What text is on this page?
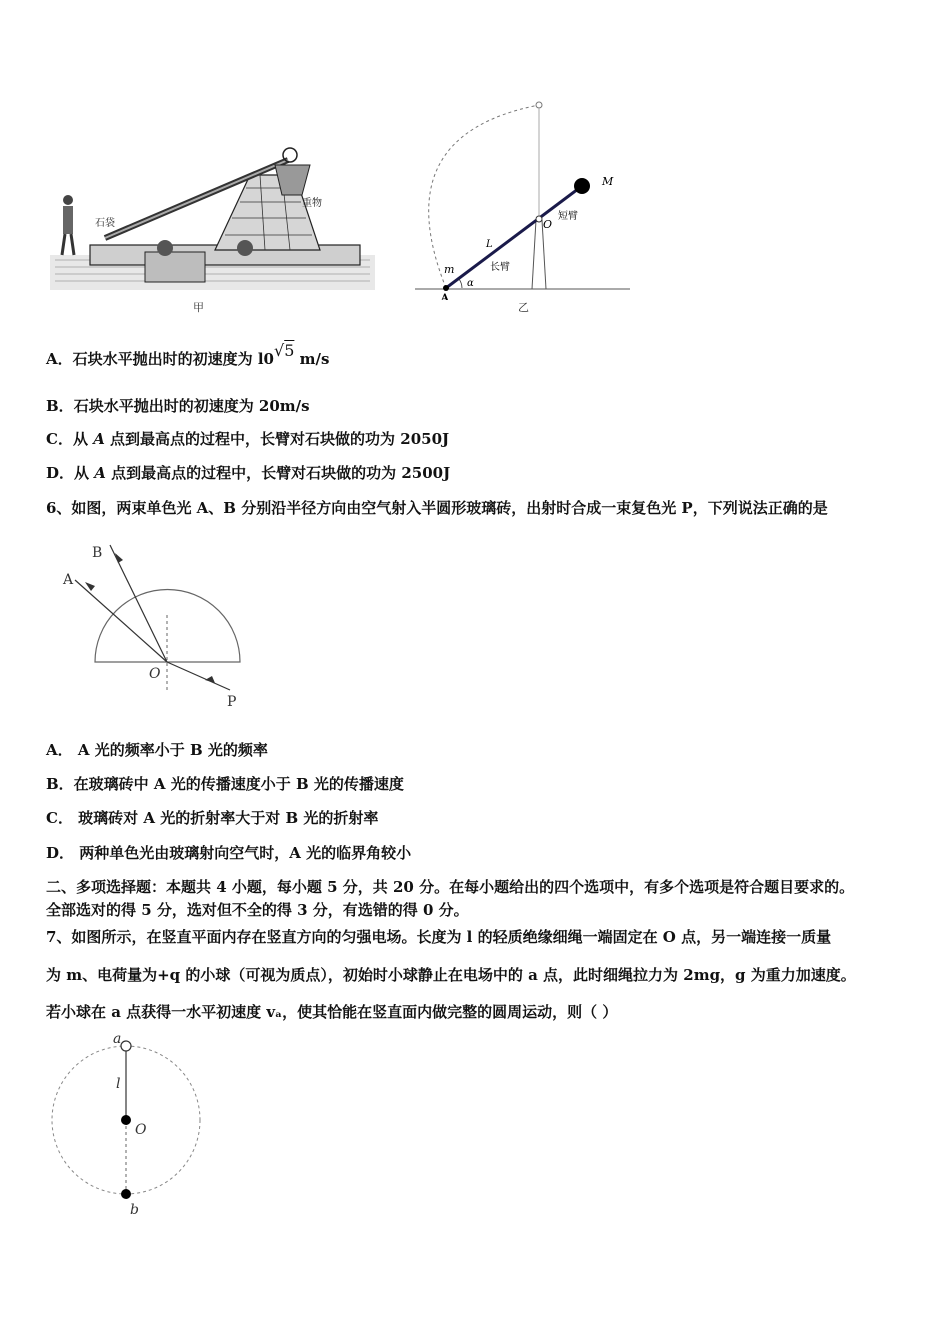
石袋
重物
甲
M
O
短臂
L
长臂
m
A
α
乙
A．石块水平抛出时的初速度为 l0√5 m/s
B．石块水平抛出时的初速度为 20m/s
C．从 A 点到最高点的过程中，长臂对石块做的功为 2050J
D．从 A 点到最高点的过程中，长臂对石块做的功为 2500J
6、如图，两束单色光 A、B 分别沿半径方向由空气射入半圆形玻璃砖，出射时合成一束复色光 P，下列说法正确的是
A
B
O
P
A． A 光的频率小于 B 光的频率
B．在玻璃砖中 A 光的传播速度小于 B 光的传播速度
C． 玻璃砖对 A 光的折射率大于对 B 光的折射率
D． 两种单色光由玻璃射向空气时，A 光的临界角较小
二、多项选择题：本题共 4 小题，每小题 5 分，共 20 分。在每小题给出的四个选项中，有多个选项是符合题目要求的。
全部选对的得 5 分，选对但不全的得 3 分，有选错的得 0 分。
7、如图所示，在竖直平面内存在竖直方向的匀强电场。长度为 l 的轻质绝缘细绳一端固定在 O 点，另一端连接一质量
为 m、电荷量为+q 的小球（可视为质点），初始时小球静止在电场中的 a 点，此时细绳拉力为 2mg，g 为重力加速度。
若小球在 a 点获得一水平初速度 vₐ，使其恰能在竖直面内做完整的圆周运动，则（ ）
a
l
O
b
